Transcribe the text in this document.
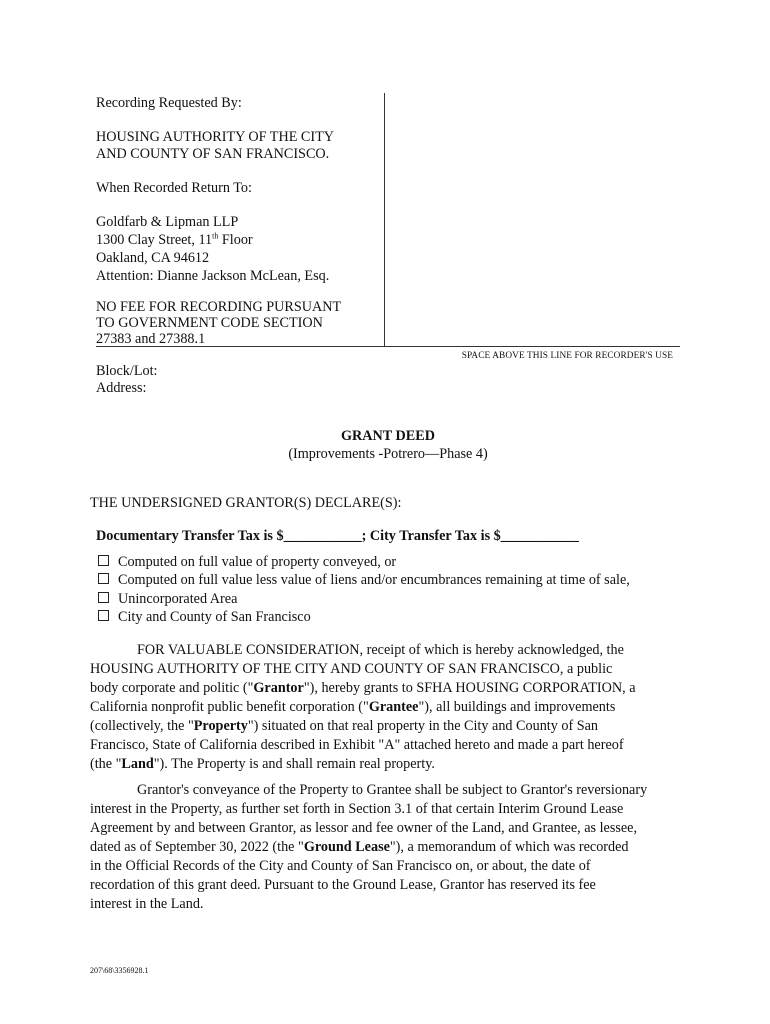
Recording Requested By:
HOUSING AUTHORITY OF THE CITY
AND COUNTY OF SAN FRANCISCO.
When Recorded Return To:
Goldfarb & Lipman LLP
1300 Clay Street, 11th Floor
Oakland, CA 94612
Attention: Dianne Jackson McLean, Esq.
NO FEE FOR RECORDING PURSUANT
TO GOVERNMENT CODE SECTION
27383 and 27388.1
SPACE ABOVE THIS LINE FOR RECORDER'S USE
Block/Lot:
Address:
GRANT DEED
(Improvements -Potrero—Phase 4)
THE UNDERSIGNED GRANTOR(S) DECLARE(S):
Documentary Transfer Tax is $___________; City Transfer Tax is $___________
Computed on full value of property conveyed, or
Computed on full value less value of liens and/or encumbrances remaining at time of sale,
Unincorporated Area
City and County of San Francisco
FOR VALUABLE CONSIDERATION, receipt of which is hereby acknowledged, the
HOUSING AUTHORITY OF THE CITY AND COUNTY OF SAN FRANCISCO, a public
body corporate and politic ("Grantor"), hereby grants to SFHA HOUSING CORPORATION, a
California nonprofit public benefit corporation ("Grantee"), all buildings and improvements
(collectively, the "Property") situated on that real property in the City and County of San
Francisco, State of California described in Exhibit "A" attached hereto and made a part hereof
(the "Land"). The Property is and shall remain real property.
Grantor's conveyance of the Property to Grantee shall be subject to Grantor's reversionary
interest in the Property, as further set forth in Section 3.1 of that certain Interim Ground Lease
Agreement by and between Grantor, as lessor and fee owner of the Land, and Grantee, as lessee,
dated as of September 30, 2022 (the "Ground Lease"), a memorandum of which was recorded
in the Official Records of the City and County of San Francisco on, or about, the date of
recordation of this grant deed. Pursuant to the Ground Lease, Grantor has reserved its fee
interest in the Land.
207\68\3356928.1
